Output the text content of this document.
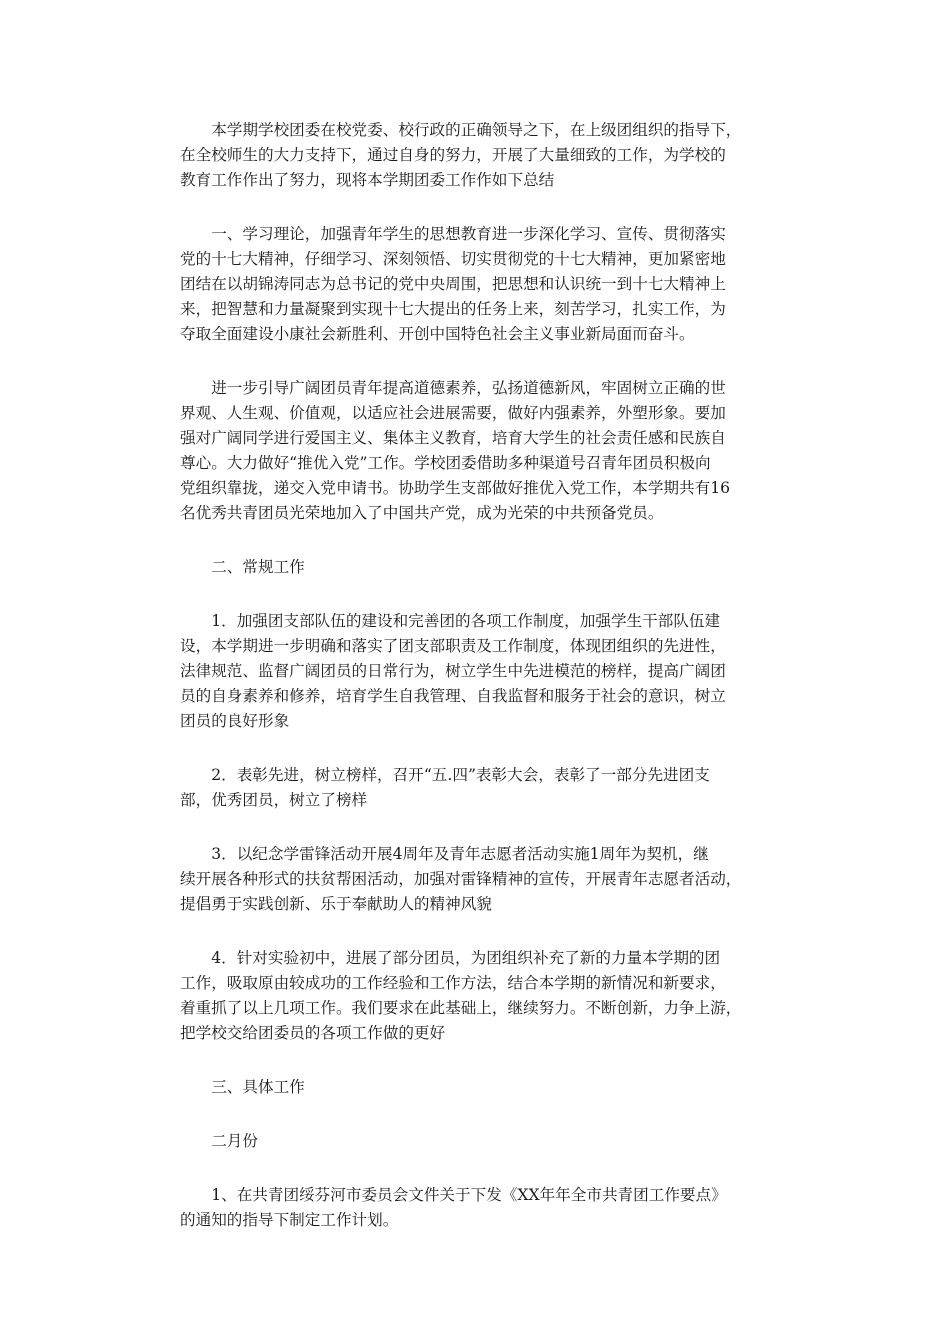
本学期学校团委在校党委、校行政的正确领导之下，在上级团组织的指导下，
在全校师生的大力支持下，通过自身的努力，开展了大量细致的工作，为学校的
教育工作作出了努力，现将本学期团委工作作如下总结

一、学习理论，加强青年学生的思想教育进一步深化学习、宣传、贯彻落实
党的十七大精神，仔细学习、深刻领悟、切实贯彻党的十七大精神，更加紧密地
团结在以胡锦涛同志为总书记的党中央周围，把思想和认识统一到十七大精神上
来，把智慧和力量凝聚到实现十七大提出的任务上来，刻苦学习，扎实工作，为
夺取全面建设小康社会新胜利、开创中国特色社会主义事业新局面而奋斗。

进一步引导广阔团员青年提高道德素养，弘扬道德新风，牢固树立正确的世
界观、人生观、价值观，以适应社会进展需要，做好内强素养，外塑形象。要加
强对广阔同学进行爱国主义、集体主义教育，培育大学生的社会责任感和民族自
尊心。大力做好“推优入党”工作。学校团委借助多种渠道号召青年团员积极向
党组织靠拢，递交入党申请书。协助学生支部做好推优入党工作，本学期共有16
名优秀共青团员光荣地加入了中国共产党，成为光荣的中共预备党员。

二、常规工作

1．加强团支部队伍的建设和完善团的各项工作制度，加强学生干部队伍建
设，本学期进一步明确和落实了团支部职责及工作制度，体现团组织的先进性，
法律规范、监督广阔团员的日常行为，树立学生中先进模范的榜样，提高广阔团
员的自身素养和修养，培育学生自我管理、自我监督和服务于社会的意识，树立
团员的良好形象

2．表彰先进，树立榜样，召开“五.四”表彰大会，表彰了一部分先进团支
部，优秀团员，树立了榜样

3．以纪念学雷锋活动开展4周年及青年志愿者活动实施1周年为契机，继
续开展各种形式的扶贫帮困活动，加强对雷锋精神的宣传，开展青年志愿者活动，
提倡勇于实践创新、乐于奉献助人的精神风貌

4．针对实验初中，进展了部分团员，为团组织补充了新的力量本学期的团
工作，吸取原由较成功的工作经验和工作方法，结合本学期的新情况和新要求，
着重抓了以上几项工作。我们要求在此基础上，继续努力。不断创新，力争上游，
把学校交给团委员的各项工作做的更好

三、具体工作

二月份

1、在共青团绥芬河市委员会文件关于下发《XX年年全市共青团工作要点》
的通知的指导下制定工作计划。
